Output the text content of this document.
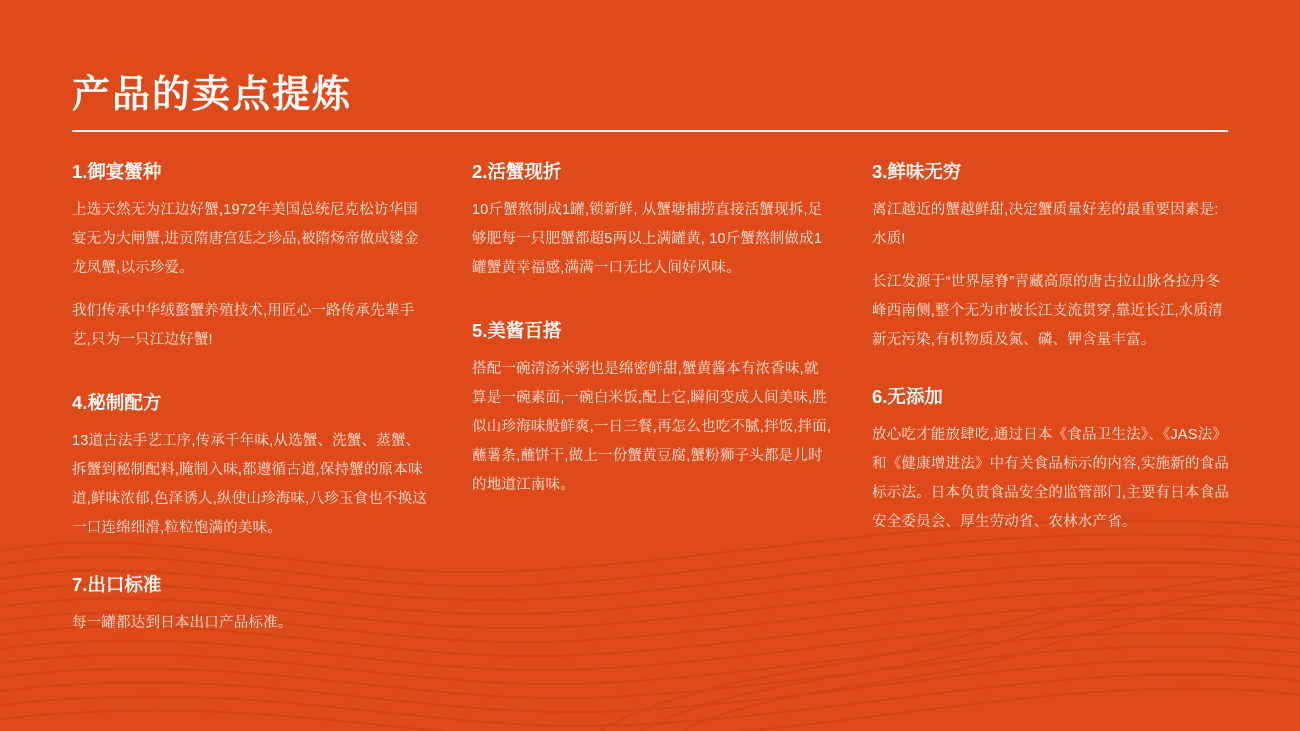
产品的卖点提炼
1.御宴蟹种

上选天然无为江边好蟹,1972年美国总统尼克松访华国宴无为大闸蟹,进贡隋唐宫廷之珍品,被隋炀帝做成镂金龙凤蟹,以示珍爱。

我们传承中华绒螯蟹养殖技术,用匠心一路传承先辈手艺,只为一只江边好蟹!

4.秘制配方

13道古法手艺工序,传承千年味,从选蟹、洗蟹、蒸蟹、拆蟹到秘制配料,腌制入味,都遵循古道,保持蟹的原本味道,鲜味浓郁,色泽诱人,纵使山珍海味,八珍玉食也不换这一口连绵细滑,粒粒饱满的美味。

7.出口标准

每一罐都达到日本出口产品标准。

2.活蟹现折

10斤蟹熬制成1罐,锁新鲜, 从蟹塘捕捞直接活蟹现拆,足够肥每一只肥蟹都超5两以上满罐黄, 10斤蟹熬制做成1罐蟹黄幸福感,满满一口无比人间好风味。

5.美酱百搭

搭配一碗清汤米粥也是绵密鲜甜,蟹黄酱本有浓香味,就算是一碗素面,一碗白米饭,配上它,瞬间变成人间美味,胜似山珍海味般鲜爽,一日三餐,再怎么也吃不腻,拌饭,拌面,蘸薯条,蘸饼干,做上一份蟹黄豆腐,蟹粉狮子头都是儿时的地道江南味。

3.鲜味无穷

离江越近的蟹越鲜甜,决定蟹质量好差的最重要因素是: 水质!

长江发源于“世界屋脊”青藏高原的唐古拉山脉各拉丹冬峰西南侧,整个无为市被长江支流贯穿,靠近长江,水质清新无污染,有机物质及氮、磷、钾含量丰富。

6.无添加

放心吃才能放肆吃,通过日本《食品卫生法》、《JAS法》和《健康增进法》中有关食品标示的内容,实施新的食品标示法。日本负责食品安全的监管部门,主要有日本食品安全委员会、厚生劳动省、农林水产省。
